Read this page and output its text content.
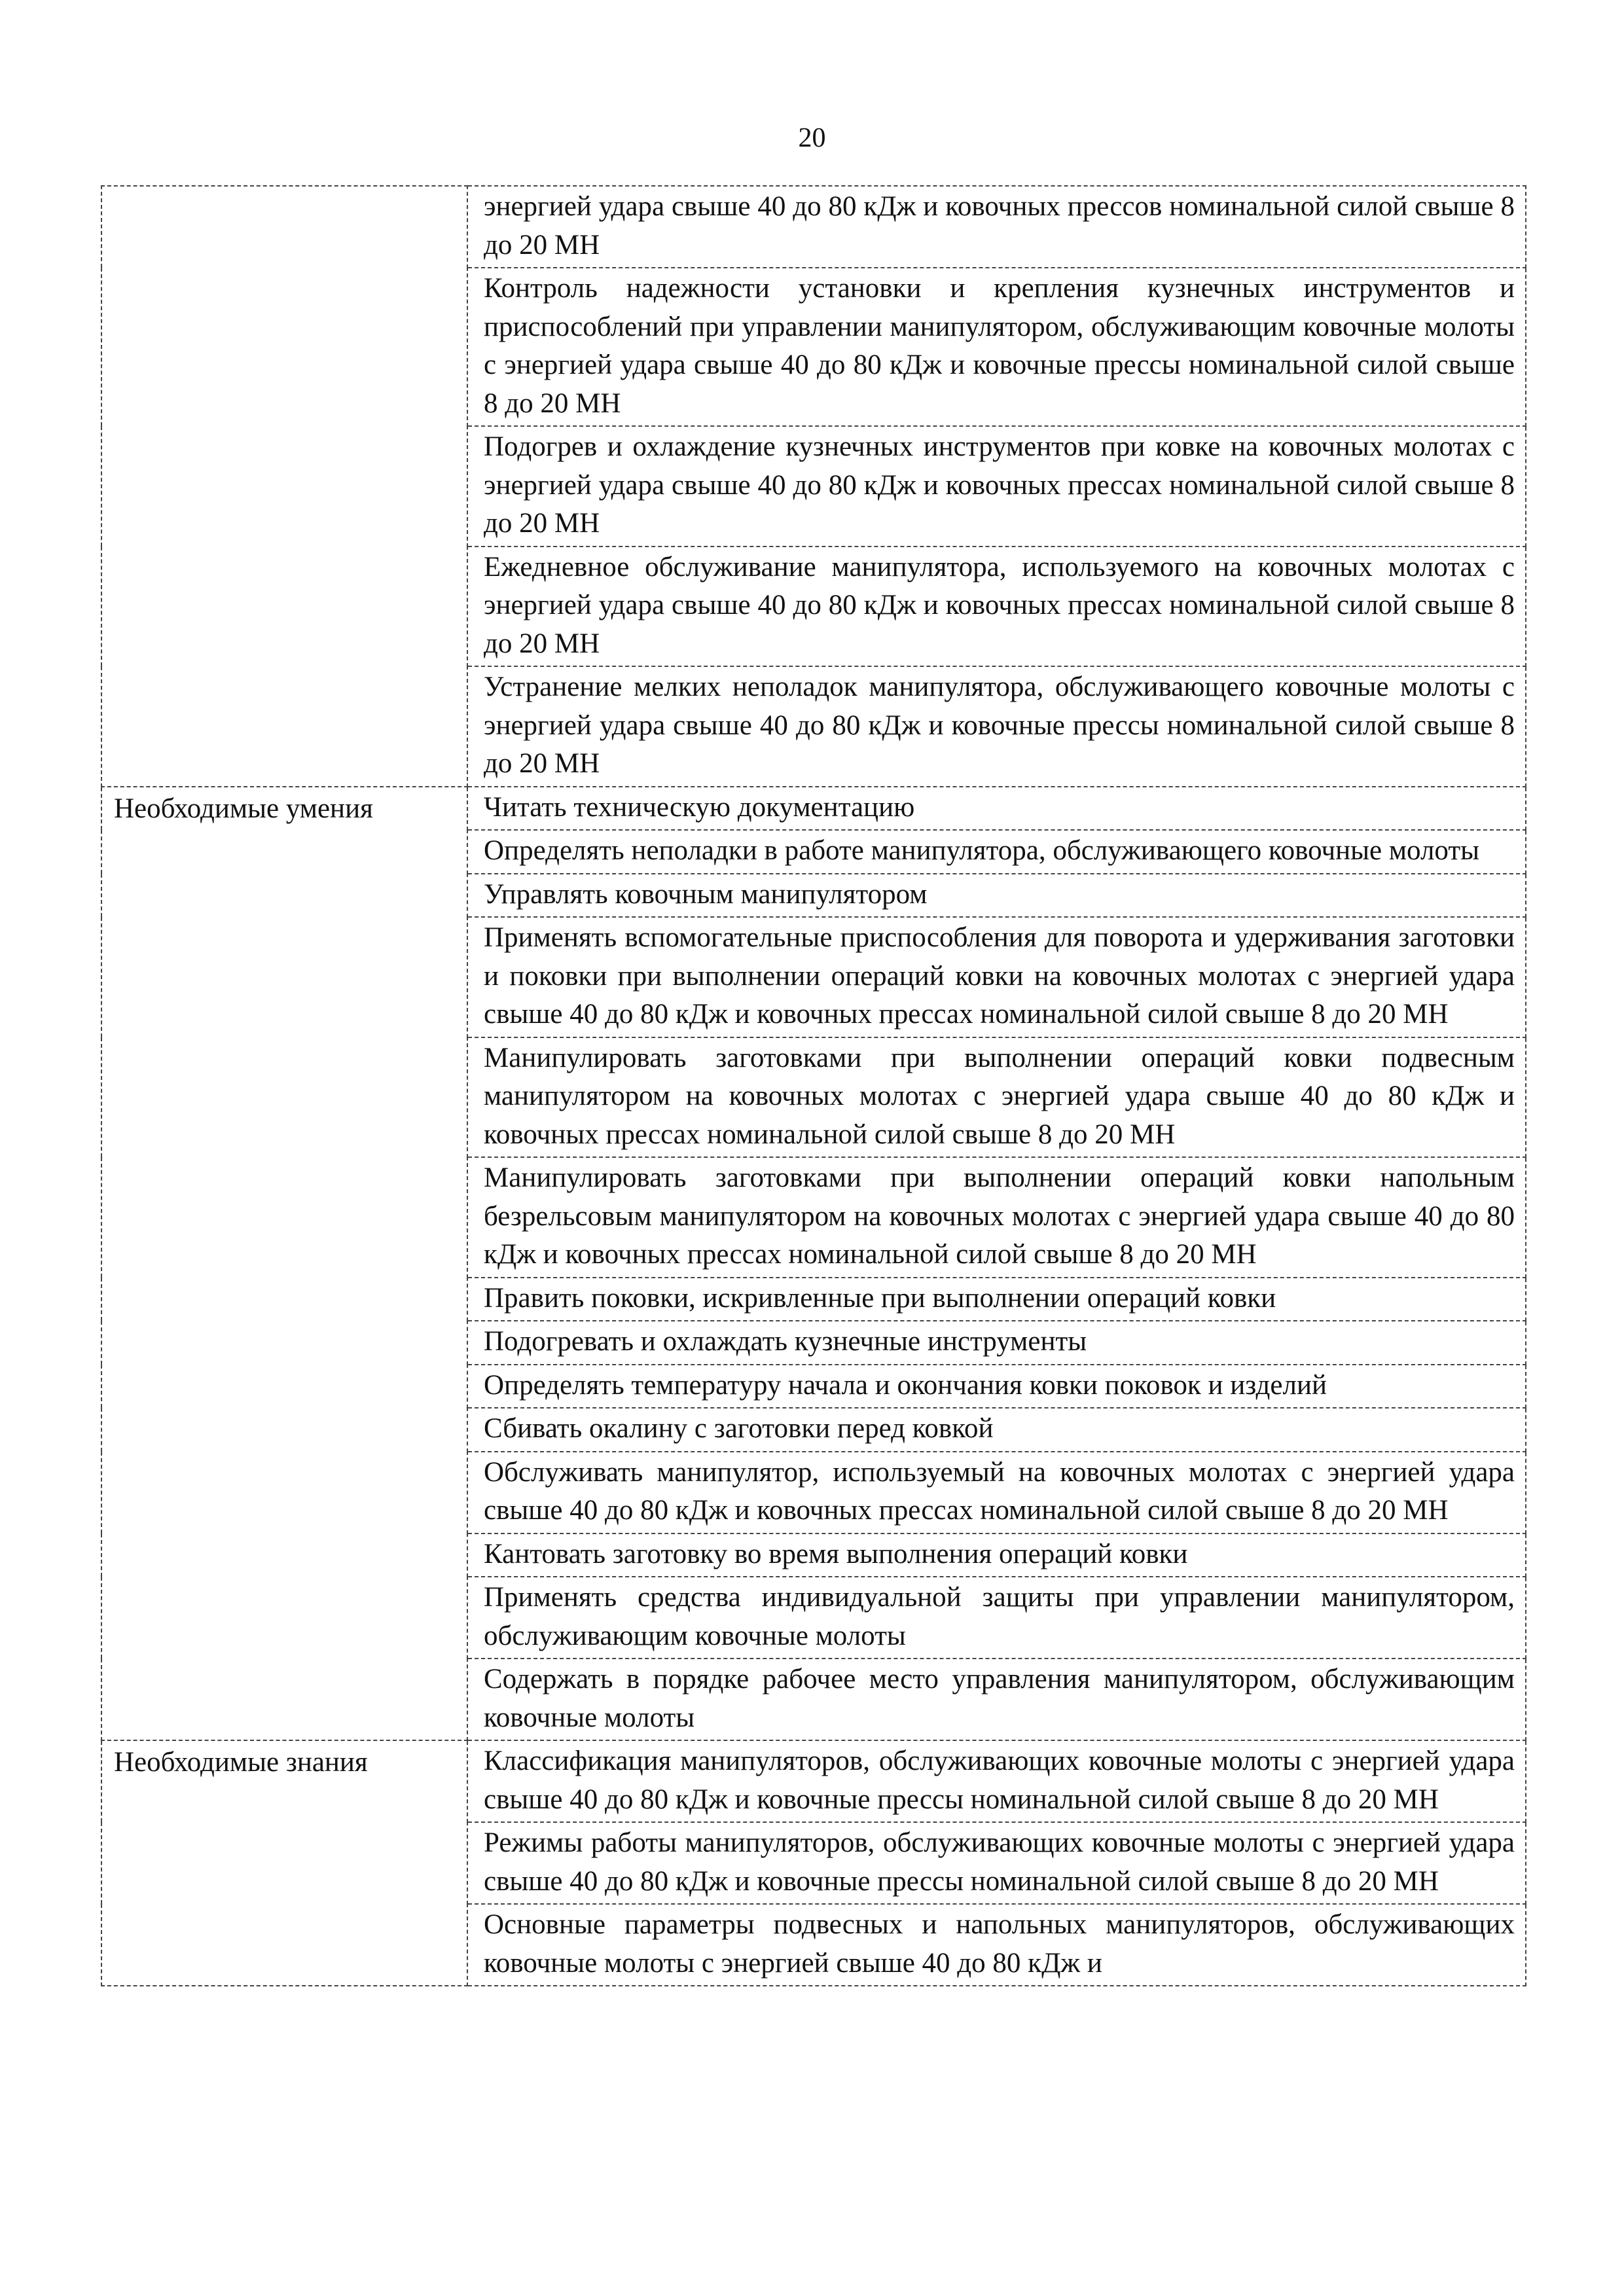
20
	энергией удара свыше 40 до 80 кДж и ковочных прессов номинальной силой свыше 8 до 20 МН
	Контроль надежности установки и крепления кузнечных инструментов и приспособлений при управлении манипулятором, обслуживающим ковочные молоты с энергией удара свыше 40 до 80 кДж и ковочные прессы номинальной силой свыше 8 до 20 МН
	Подогрев и охлаждение кузнечных инструментов при ковке на ковочных молотах с энергией удара свыше 40 до 80 кДж и ковочных прессах номинальной силой свыше 8 до 20 МН
	Ежедневное обслуживание манипулятора, используемого на ковочных молотах с энергией удара свыше 40 до 80 кДж и ковочных прессах номинальной силой свыше 8 до 20 МН
	Устранение мелких неполадок манипулятора, обслуживающего ковочные молоты с энергией удара свыше 40 до 80 кДж и ковочные прессы номинальной силой свыше 8 до 20 МН
Необходимые умения	Читать техническую документацию
	Определять неполадки в работе манипулятора, обслуживающего ковочные молоты
	Управлять ковочным манипулятором
	Применять вспомогательные приспособления для поворота и удерживания заготовки и поковки при выполнении операций ковки на ковочных молотах с энергией удара свыше 40 до 80 кДж и ковочных прессах номинальной силой свыше 8 до 20 МН
	Манипулировать заготовками при выполнении операций ковки подвесным манипулятором на ковочных молотах с энергией удара свыше 40 до 80 кДж и ковочных прессах номинальной силой свыше 8 до 20 МН
	Манипулировать заготовками при выполнении операций ковки напольным безрельсовым манипулятором на ковочных молотах с энергией удара свыше 40 до 80 кДж и ковочных прессах номинальной силой свыше 8 до 20 МН
	Править поковки, искривленные при выполнении операций ковки
	Подогревать и охлаждать кузнечные инструменты
	Определять температуру начала и окончания ковки поковок и изделий
	Сбивать окалину с заготовки перед ковкой
	Обслуживать манипулятор, используемый на ковочных молотах с энергией удара свыше 40 до 80 кДж и ковочных прессах номинальной силой свыше 8 до 20 МН
	Кантовать заготовку во время выполнения операций ковки
	Применять средства индивидуальной защиты при управлении манипулятором, обслуживающим ковочные молоты
	Содержать в порядке рабочее место управления манипулятором, обслуживающим ковочные молоты
Необходимые знания	Классификация манипуляторов, обслуживающих ковочные молоты с энергией удара свыше 40 до 80 кДж и ковочные прессы номинальной силой свыше 8 до 20 МН
	Режимы работы манипуляторов, обслуживающих ковочные молоты с энергией удара свыше 40 до 80 кДж и ковочные прессы номинальной силой свыше 8 до 20 МН
	Основные параметры подвесных и напольных манипуляторов, обслуживающих ковочные молоты с энергией свыше 40 до 80 кДж и
